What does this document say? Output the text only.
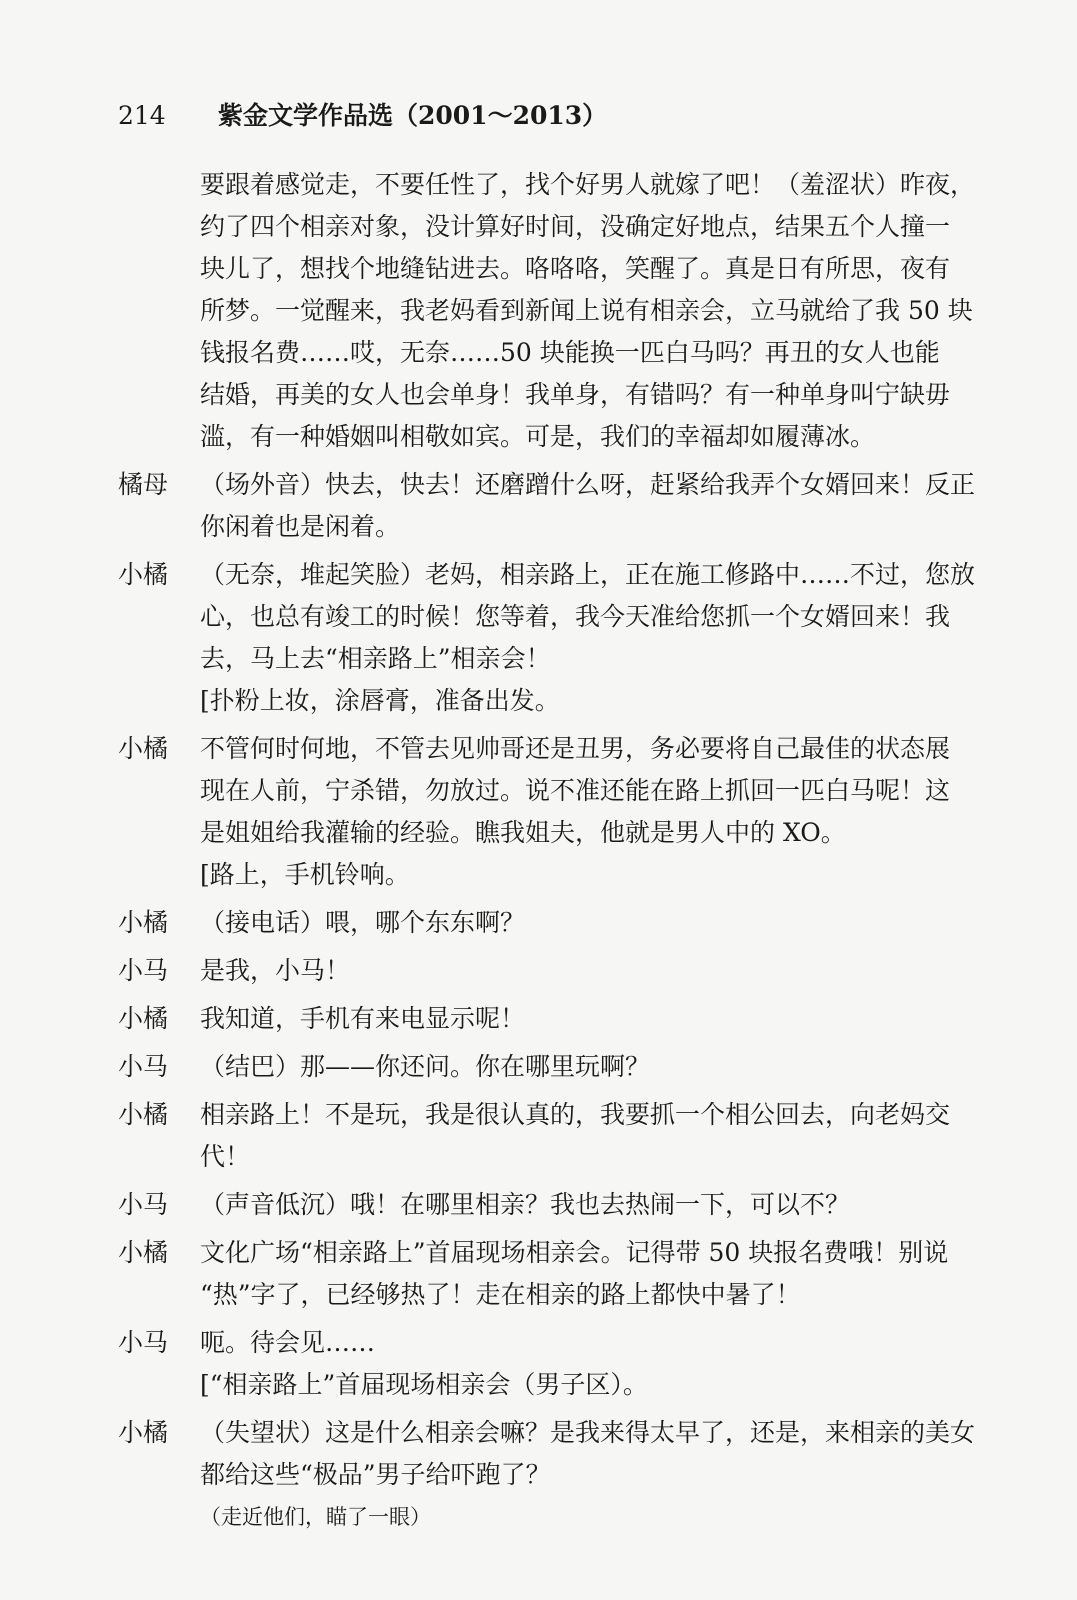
214 紫金文学作品选（2001～2013）
要跟着感觉走，不要任性了，找个好男人就嫁了吧！（羞涩状）昨夜，
约了四个相亲对象，没计算好时间，没确定好地点，结果五个人撞一
块儿了，想找个地缝钻进去。咯咯咯，笑醒了。真是日有所思，夜有
所梦。一觉醒来，我老妈看到新闻上说有相亲会，立马就给了我 50 块
钱报名费……哎，无奈……50 块能换一匹白马吗？再丑的女人也能
结婚，再美的女人也会单身！我单身，有错吗？有一种单身叫宁缺毋
滥，有一种婚姻叫相敬如宾。可是，我们的幸福却如履薄冰。
橘母	（场外音）快去，快去！还磨蹭什么呀，赶紧给我弄个女婿回来！反正
你闲着也是闲着。
小橘	（无奈，堆起笑脸）老妈，相亲路上，正在施工修路中……不过，您放
心，也总有竣工的时候！您等着，我今天准给您抓一个女婿回来！我
去，马上去“相亲路上”相亲会！
[扑粉上妆，涂唇膏，准备出发。
小橘	不管何时何地，不管去见帅哥还是丑男，务必要将自己最佳的状态展
现在人前，宁杀错，勿放过。说不准还能在路上抓回一匹白马呢！这
是姐姐给我灌输的经验。瞧我姐夫，他就是男人中的 XO。
[路上，手机铃响。
小橘	（接电话）喂，哪个东东啊？
小马	是我，小马！
小橘	我知道，手机有来电显示呢！
小马	（结巴）那——你还问。你在哪里玩啊？
小橘	相亲路上！不是玩，我是很认真的，我要抓一个相公回去，向老妈交
代！
小马	（声音低沉）哦！在哪里相亲？我也去热闹一下，可以不？
小橘	文化广场“相亲路上”首届现场相亲会。记得带 50 块报名费哦！别说
“热”字了，已经够热了！走在相亲的路上都快中暑了！
小马	呃。待会见……
[“相亲路上”首届现场相亲会（男子区）。
小橘	（失望状）这是什么相亲会嘛？是我来得太早了，还是，来相亲的美女
都给这些“极品”男子给吓跑了？
（走近他们，瞄了一眼）
